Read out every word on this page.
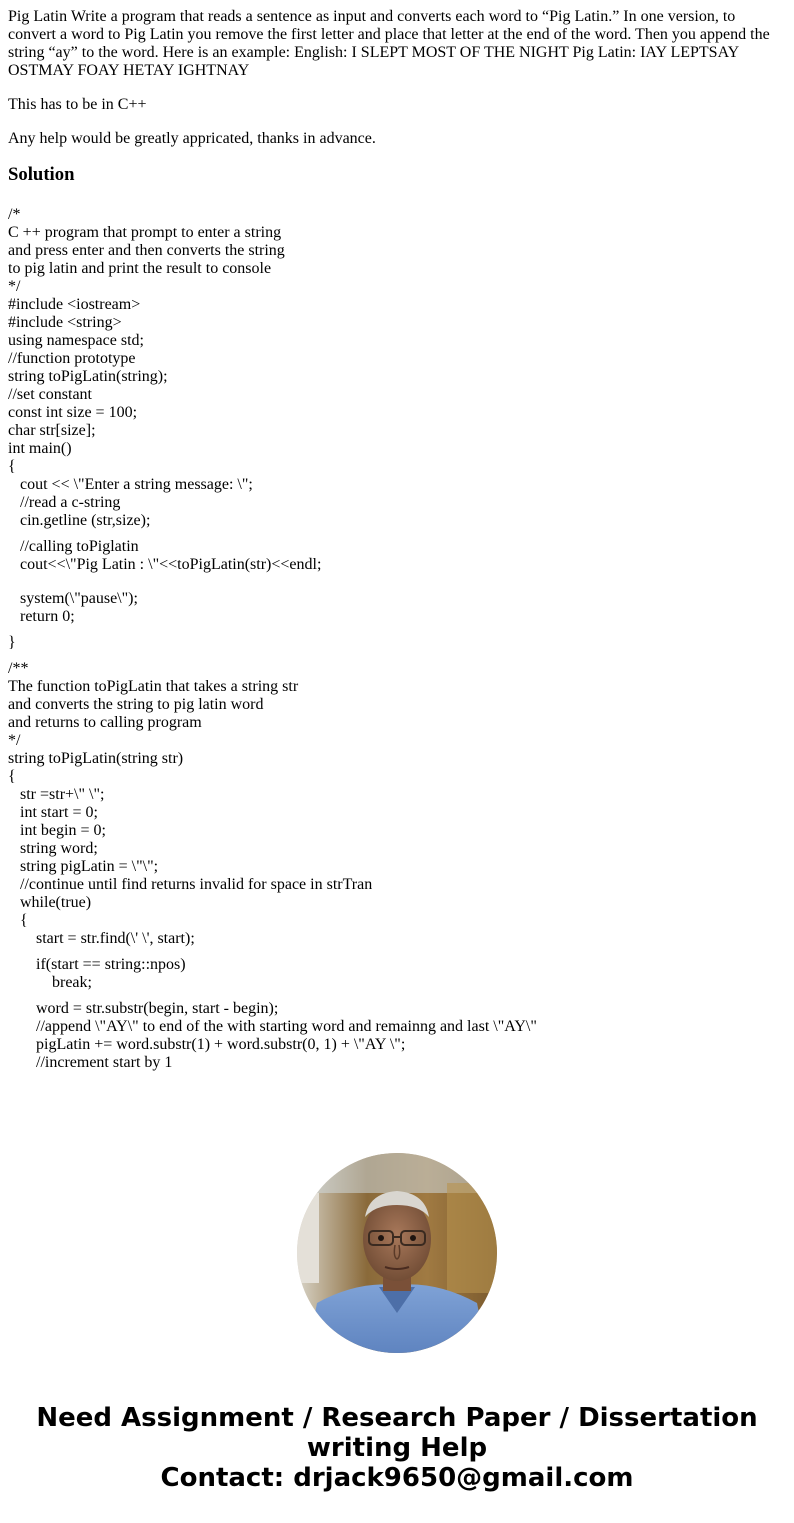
Pig Latin Write a program that reads a sentence as input and converts each word to “Pig Latin.” In one version, to convert a word to Pig Latin you remove the first letter and place that letter at the end of the word. Then you append the string “ay” to the word. Here is an example: English: I SLEPT MOST OF THE NIGHT Pig Latin: IAY LEPTSAY OSTMAY FOAY HETAY IGHTNAY

This has to be in C++

Any help would be greatly appricated, thanks in advance.

Solution
/*
C ++ program that prompt to enter a string
and press enter and then converts the string
to pig latin and print the result to console
*/
#include <iostream>
#include <string>
using namespace std;
//function prototype
string toPigLatin(string);
//set constant
const int size = 100;
char str[size];
int main()
{
cout << \"Enter a string message: \";
//read a c-string
cin.getline (str,size);
//calling toPiglatin
cout<<\"Pig Latin : \"<<toPigLatin(str)<<endl;
system(\"pause\");
return 0;
}
/**
The function toPigLatin that takes a string str
and converts the string to pig latin word
and returns to calling program
*/
string toPigLatin(string str)
{
str =str+\" \";
int start = 0;
int begin = 0;
string word;
string pigLatin = \"\";
//continue until find returns invalid for space in strTran
while(true)
{
start = str.find(\' \', start);
if(start == string::npos)
break;
word = str.substr(begin, start - begin);
//append \"AY\" to end of the with starting word and remainng and last \"AY\"
pigLatin += word.substr(1) + word.substr(0, 1) + \"AY \";
//increment start by 1
Need Assignment / Research Paper / Dissertation
writing Help
Contact: drjack9650@gmail.com
